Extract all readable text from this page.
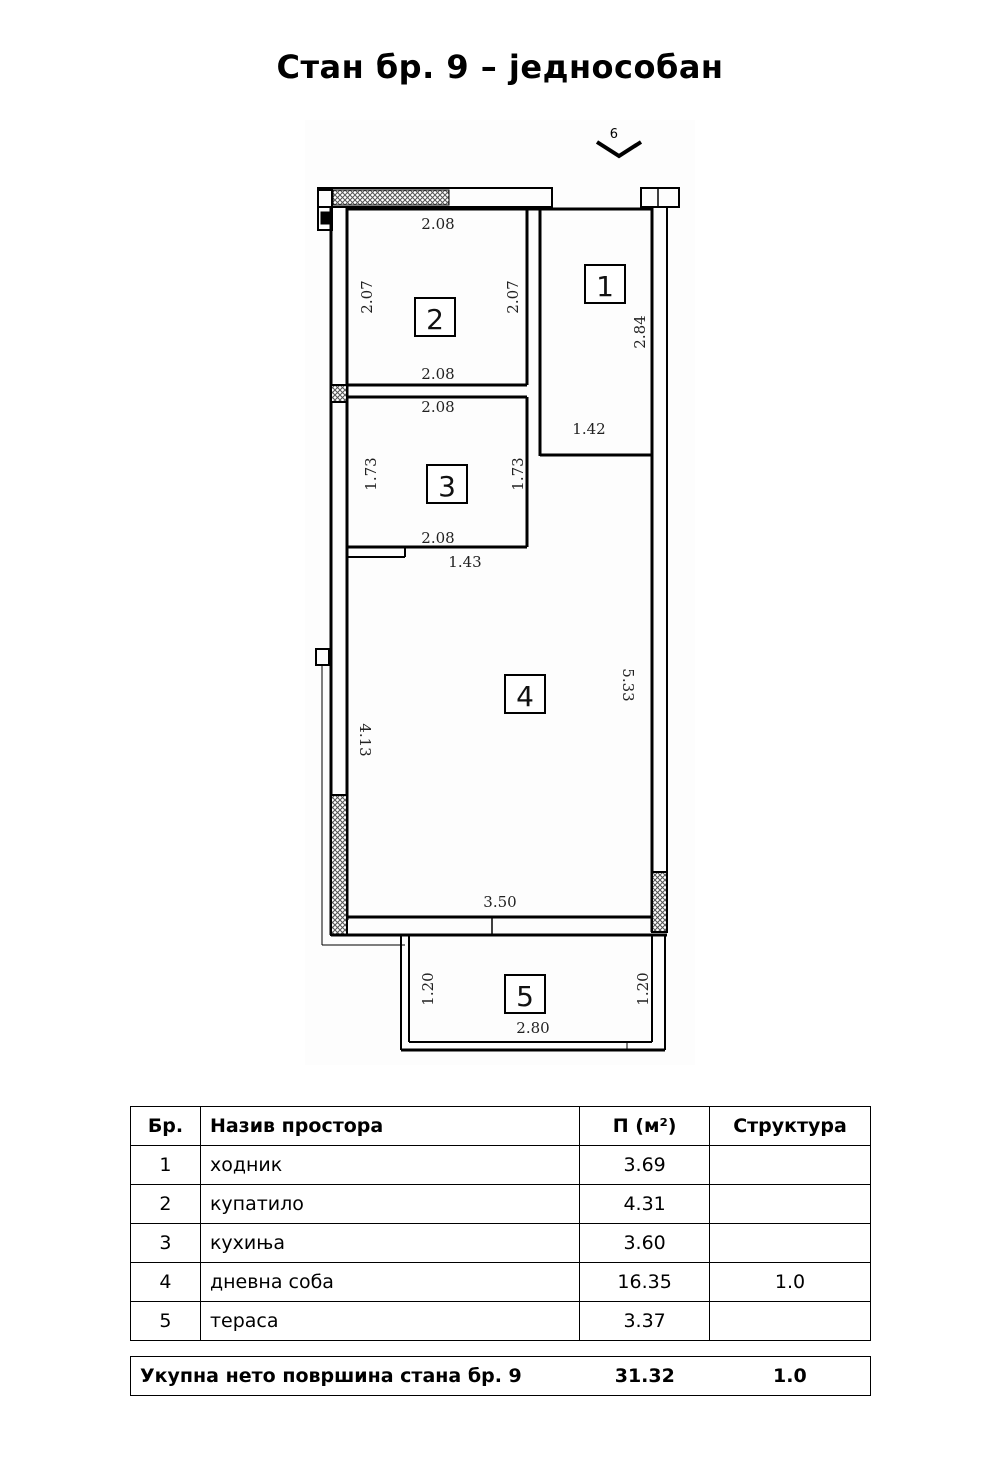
Стан бр. 9 – једнособан
9
1
2
3
4
5
2.08
2.07	2.07
2.08
2.84
1.42
2.08
1.73	1.73
2.08
1.43
5.33
4.13
3.50
1.20	1.20
2.80
Бр.	Назив простора	П (м²)	Структура
1	ходник	3.69	
2	купатило	4.31	
3	кухиња	3.60	
4	дневна соба	16.35	1.0
5	тераса	3.37	
Укупна нето површина стана бр. 9	31.32	1.0
